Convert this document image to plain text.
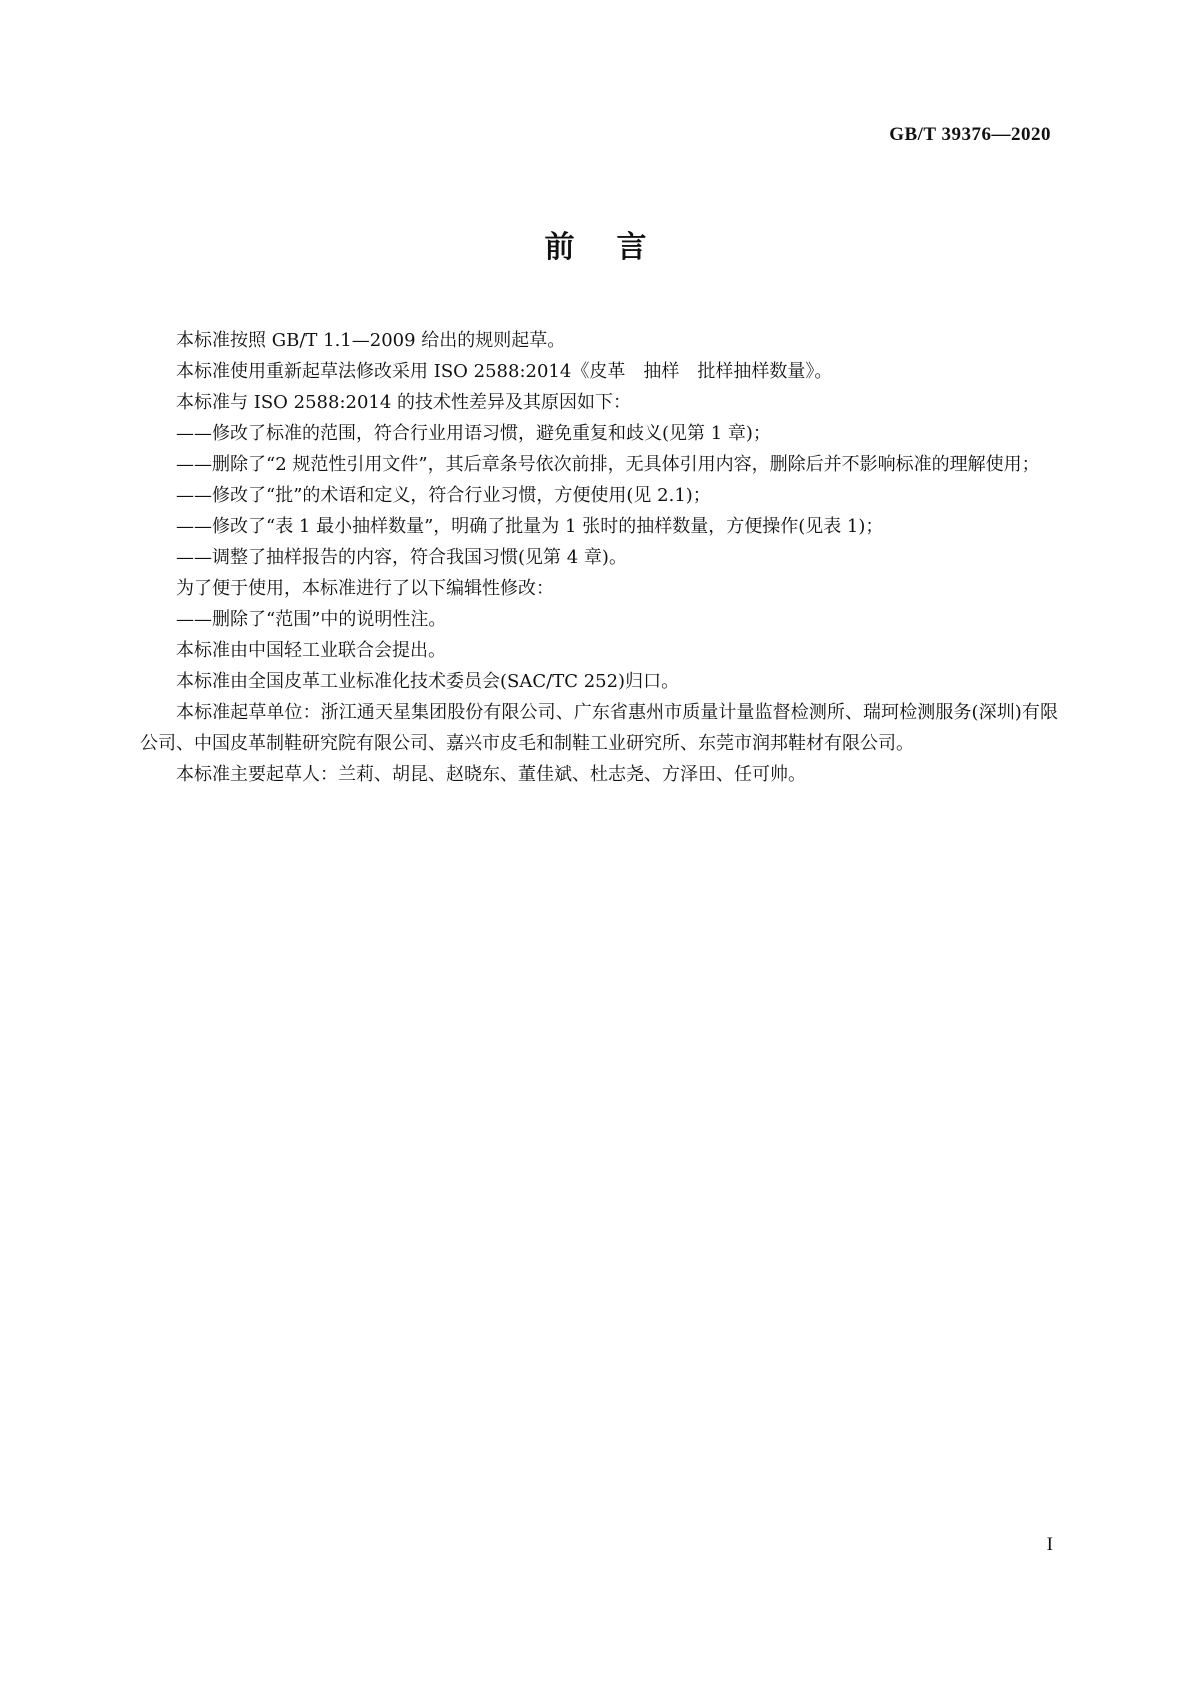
GB/T 39376—2020
前言

本标准按照 GB/T 1.1—2009 给出的规则起草。

本标准使用重新起草法修改采用 ISO 2588:2014《皮革　抽样　批样抽样数量》。

本标准与 ISO 2588:2014 的技术性差异及其原因如下：

——修改了标准的范围，符合行业用语习惯，避免重复和歧义(见第 1 章)；

——删除了“2 规范性引用文件”，其后章条号依次前排，无具体引用内容，删除后并不影响标准的理解使用；

——修改了“批”的术语和定义，符合行业习惯，方便使用(见 2.1)；

——修改了“表 1 最小抽样数量”，明确了批量为 1 张时的抽样数量，方便操作(见表 1)；

——调整了抽样报告的内容，符合我国习惯(见第 4 章)。

为了便于使用，本标准进行了以下编辑性修改：

——删除了“范围”中的说明性注。

本标准由中国轻工业联合会提出。

本标准由全国皮革工业标准化技术委员会(SAC/TC 252)归口。

本标准起草单位：浙江通天星集团股份有限公司、广东省惠州市质量计量监督检测所、瑞珂检测服务(深圳)有限公司、中国皮革制鞋研究院有限公司、嘉兴市皮毛和制鞋工业研究所、东莞市润邦鞋材有限公司。

本标准主要起草人：兰莉、胡昆、赵晓东、董佳斌、杜志尧、方泽田、任可帅。

I
